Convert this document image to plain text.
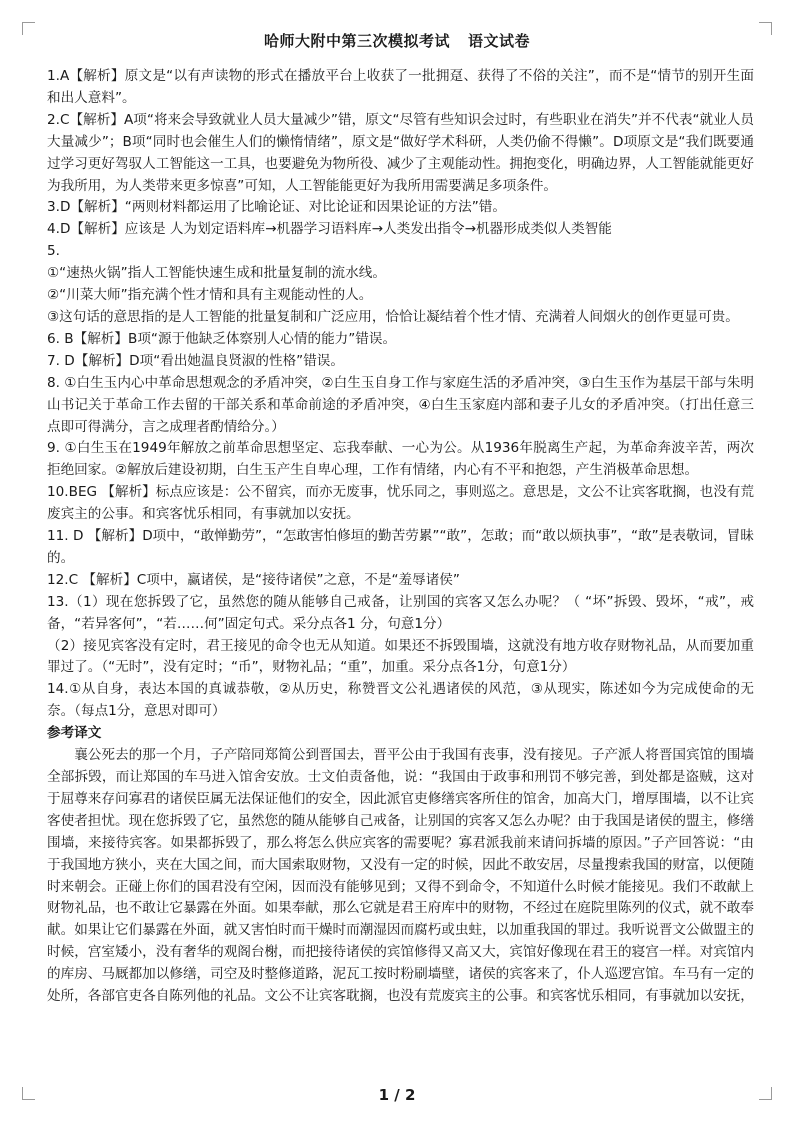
哈师大附中第三次模拟考试 语文试卷

1.A【解析】原文是“以有声读物的形式在播放平台上收获了一批拥趸、获得了不俗的关注”，而不是“情节的别开生面和出人意料”。

2.C【解析】A项“将来会导致就业人员大量减少”错，原文“尽管有些知识会过时，有些职业在消失”并不代表“就业人员大量减少”；B项“同时也会催生人们的懒惰情绪”，原文是“做好学术科研，人类仍偷不得懒”。D项原文是“我们既要通过学习更好驾驭人工智能这一工具，也要避免为物所役、减少了主观能动性。拥抱变化，明确边界，人工智能就能更好为我所用，为人类带来更多惊喜”可知，人工智能能更好为我所用需要满足多项条件。

3.D【解析】“两则材料都运用了比喻论证、对比论证和因果论证的方法”错。

4.D【解析】应该是 人为划定语料库→机器学习语料库→人类发出指令→机器形成类似人类智能

5.

①“速热火锅”指人工智能快速生成和批量复制的流水线。

②“川菜大师”指充满个性才情和具有主观能动性的人。

③这句话的意思指的是人工智能的批量复制和广泛应用，恰恰让凝结着个性才情、充满着人间烟火的创作更显可贵。

6. B【解析】B项“源于他缺乏体察别人心情的能力”错误。

7. D【解析】D项“看出她温良贤淑的性格”错误。

8. ①白生玉内心中革命思想观念的矛盾冲突，②白生玉自身工作与家庭生活的矛盾冲突，③白生玉作为基层干部与朱明山书记关于革命工作去留的干部关系和革命前途的矛盾冲突，④白生玉家庭内部和妻子儿女的矛盾冲突。（打出任意三点即可得满分，言之成理者酌情给分。）

9. ①白生玉在1949年解放之前革命思想坚定、忘我奉献、一心为公。从1936年脱离生产起，为革命奔波辛苦，两次拒绝回家。②解放后建设初期，白生玉产生自卑心理，工作有情绪，内心有不平和抱怨，产生消极革命思想。

10.BEG 【解析】标点应该是：公不留宾，而亦无废事，忧乐同之，事则巡之。意思是，文公不让宾客耽搁，也没有荒废宾主的公事。和宾客忧乐相同，有事就加以安抚。

11. D 【解析】D项中，“敢惮勤劳”，“怎敢害怕修垣的勤苦劳累”“敢”，怎敢；而“敢以烦执事”，“敢”是表敬词，冒昧的。

12.C 【解析】C项中，赢诸侯，是“接待诸侯”之意，不是“羞辱诸侯”

13.（1）现在您拆毁了它，虽然您的随从能够自己戒备，让别国的宾客又怎么办呢？（ “坏”拆毁、毁坏，“戒”，戒备，“若异客何”，“若……何”固定句式。采分点各1 分，句意1分）

（2）接见宾客没有定时，君王接见的命令也无从知道。如果还不拆毁围墙，这就没有地方收存财物礼品，从而要加重罪过了。（“无时”，没有定时；“币”，财物礼品；“重”，加重。采分点各1分，句意1分）

14.①从自身，表达本国的真诚恭敬，②从历史，称赞晋文公礼遇诸侯的风范，③从现实，陈述如今为完成使命的无奈。（每点1分，意思对即可）

参考译文

襄公死去的那一个月，子产陪同郑简公到晋国去，晋平公由于我国有丧事，没有接见。子产派人将晋国宾馆的围墙全部拆毁，而让郑国的车马进入馆舍安放。士文伯责备他，说：“我国由于政事和刑罚不够完善，到处都是盗贼，这对于屈尊来存问寡君的诸侯臣属无法保证他们的安全，因此派官吏修缮宾客所住的馆舍，加高大门，增厚围墙，以不让宾客使者担忧。现在您拆毁了它，虽然您的随从能够自己戒备，让别国的宾客又怎么办呢？由于我国是诸侯的盟主，修缮围墙，来接待宾客。如果都拆毁了，那么将怎么供应宾客的需要呢？寡君派我前来请问拆墙的原因。”子产回答说：“由于我国地方狭小，夹在大国之间，而大国索取财物，又没有一定的时候，因此不敢安居，尽量搜索我国的财富，以便随时来朝会。正碰上你们的国君没有空闲，因而没有能够见到；又得不到命令，不知道什么时候才能接见。我们不敢献上财物礼品，也不敢让它暴露在外面。如果奉献，那么它就是君王府库中的财物，不经过在庭院里陈列的仪式，就不敢奉献。如果让它们暴露在外面，就又害怕时而干燥时而潮湿因而腐朽或虫蛀，以加重我国的罪过。我听说晋文公做盟主的时候，宫室矮小，没有奢华的观阁台榭，而把接待诸侯的宾馆修得又高又大，宾馆好像现在君王的寝宫一样。对宾馆内的库房、马厩都加以修缮，司空及时整修道路，泥瓦工按时粉刷墙壁，诸侯的宾客来了，仆人巡逻宫馆。车马有一定的处所，各部官吏各自陈列他的礼品。文公不让宾客耽搁，也没有荒废宾主的公事。和宾客忧乐相同，有事就加以安抚，

1 / 2
